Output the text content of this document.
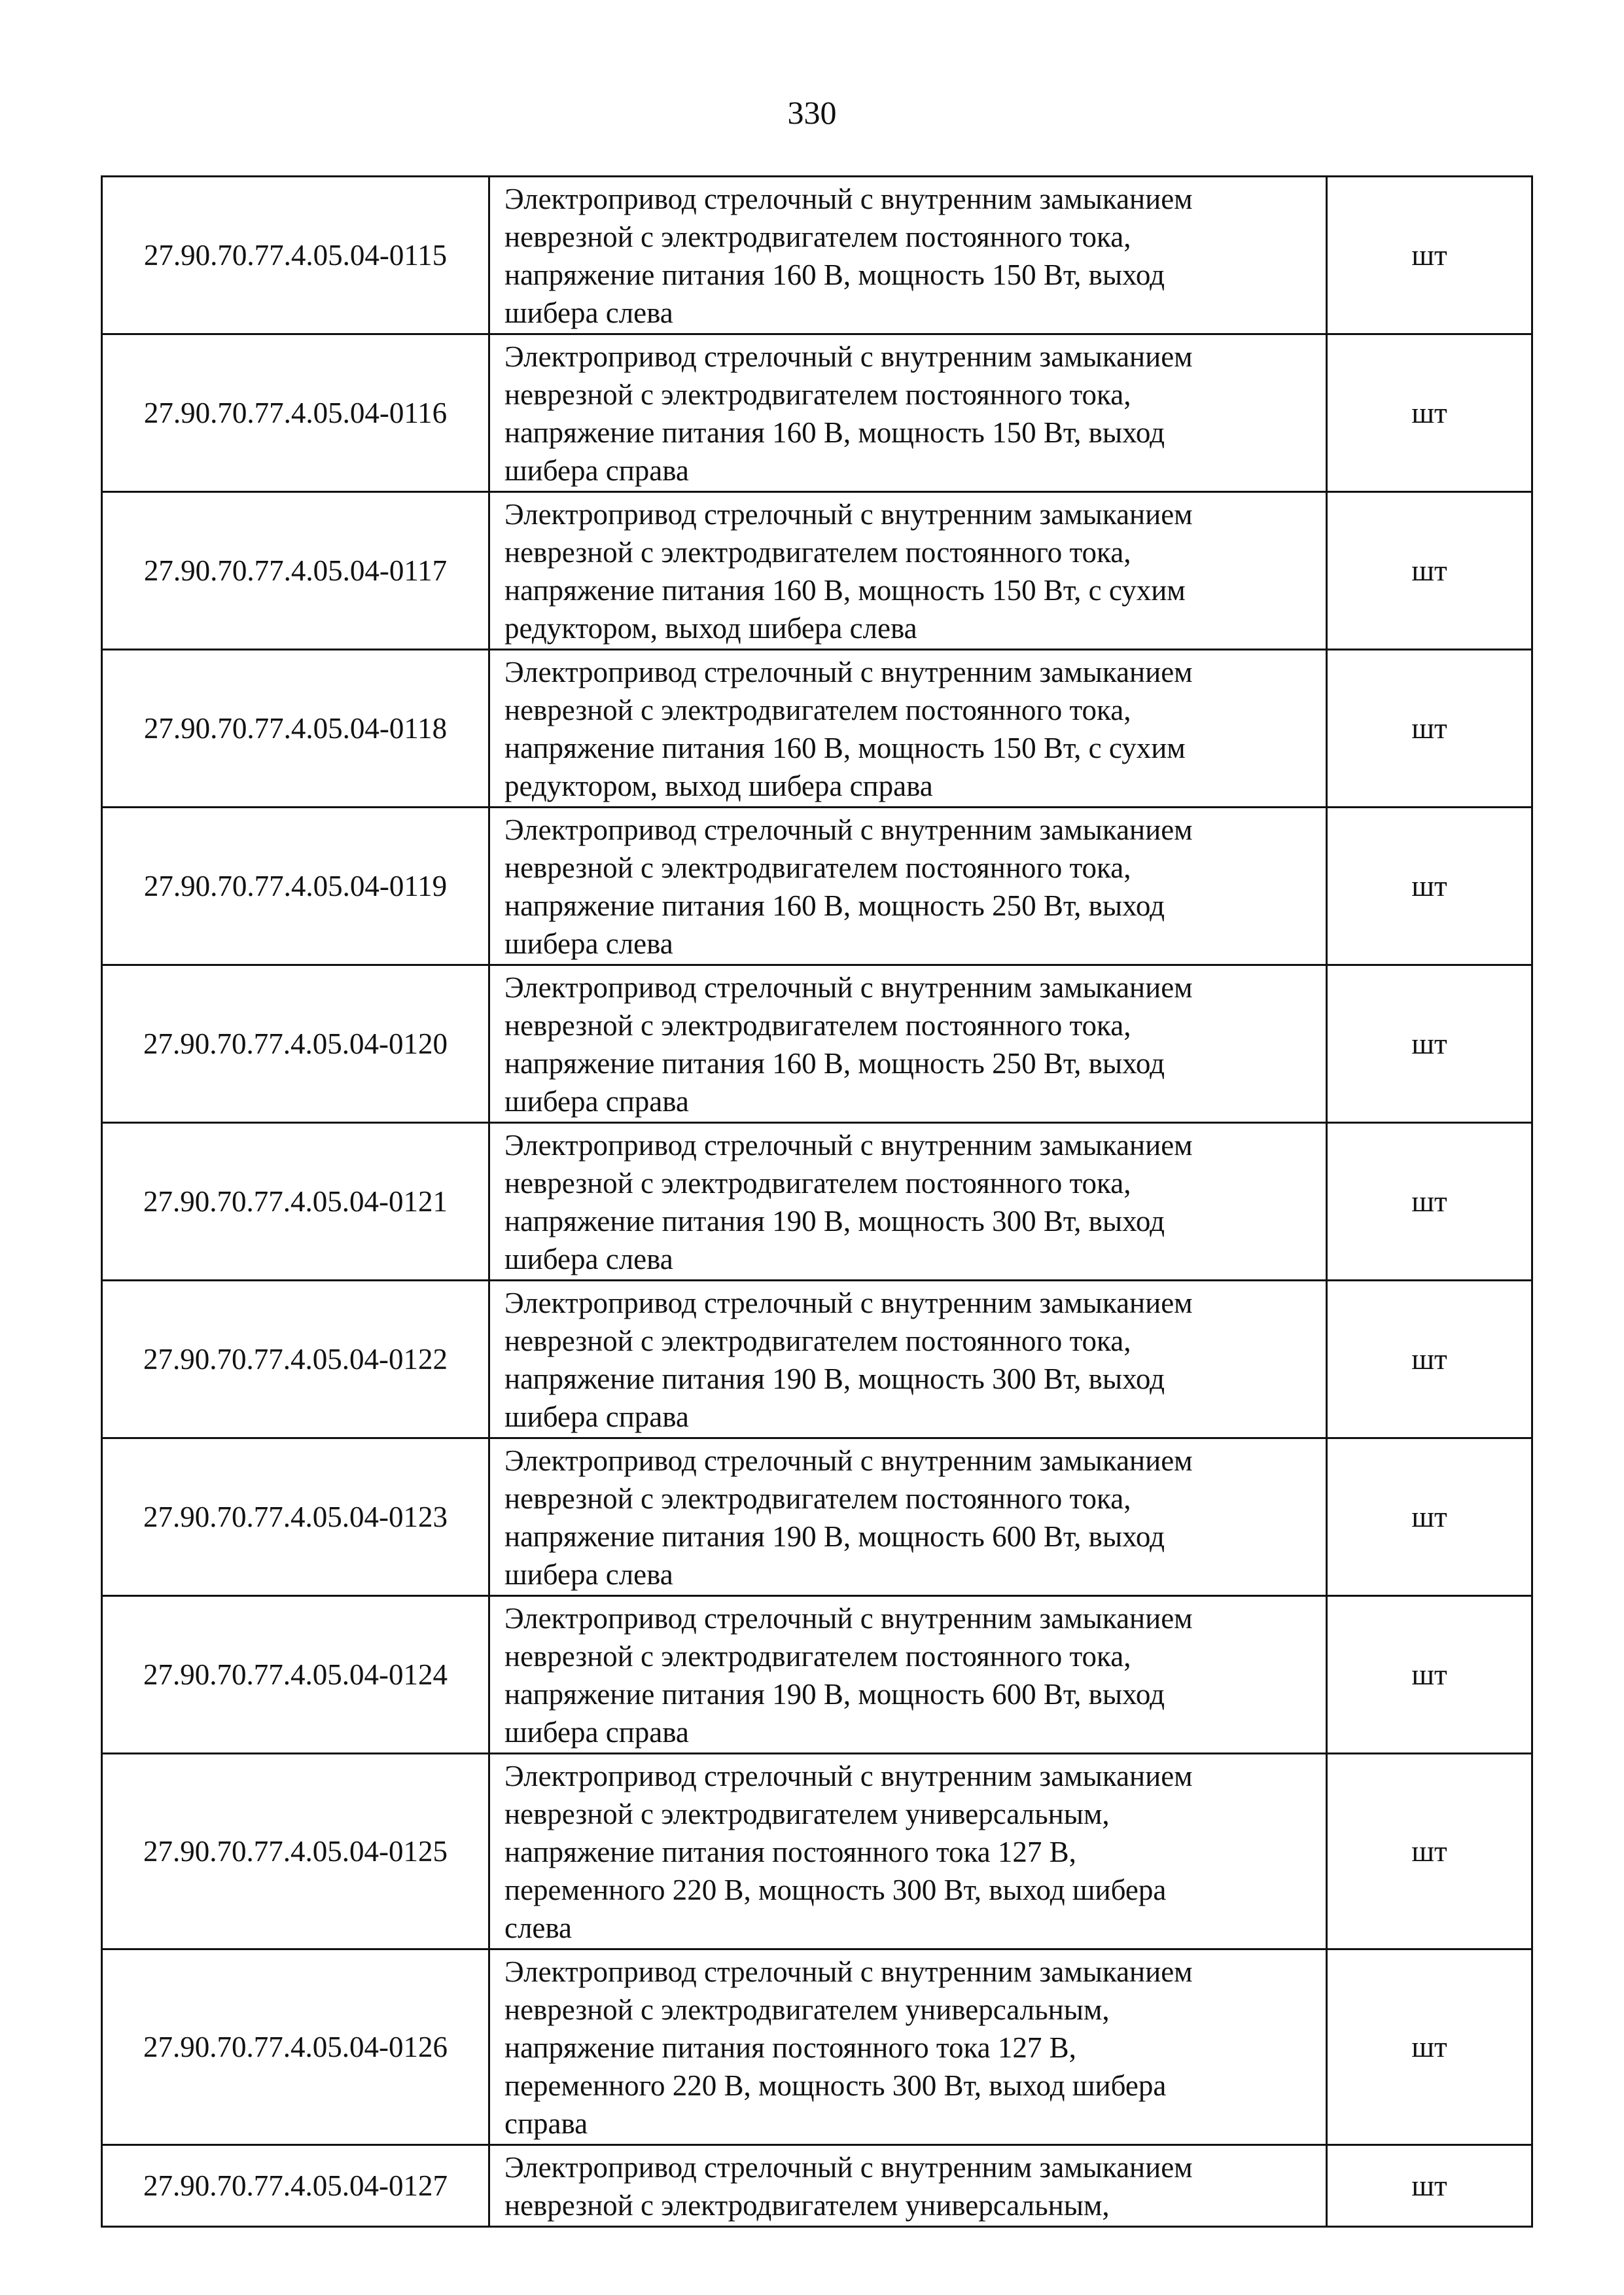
330
27.90.70.77.4.05.04-0115	Электропривод стрелочный с внутренним замыканием
неврезной с электродвигателем постоянного тока,
напряжение питания 160 В, мощность 150 Вт, выход
шибера слева	шт
27.90.70.77.4.05.04-0116	Электропривод стрелочный с внутренним замыканием
неврезной с электродвигателем постоянного тока,
напряжение питания 160 В, мощность 150 Вт, выход
шибера справа	шт
27.90.70.77.4.05.04-0117	Электропривод стрелочный с внутренним замыканием
неврезной с электродвигателем постоянного тока,
напряжение питания 160 В, мощность 150 Вт, с сухим
редуктором, выход шибера слева	шт
27.90.70.77.4.05.04-0118	Электропривод стрелочный с внутренним замыканием
неврезной с электродвигателем постоянного тока,
напряжение питания 160 В, мощность 150 Вт, с сухим
редуктором, выход шибера справа	шт
27.90.70.77.4.05.04-0119	Электропривод стрелочный с внутренним замыканием
неврезной с электродвигателем постоянного тока,
напряжение питания 160 В, мощность 250 Вт, выход
шибера слева	шт
27.90.70.77.4.05.04-0120	Электропривод стрелочный с внутренним замыканием
неврезной с электродвигателем постоянного тока,
напряжение питания 160 В, мощность 250 Вт, выход
шибера справа	шт
27.90.70.77.4.05.04-0121	Электропривод стрелочный с внутренним замыканием
неврезной с электродвигателем постоянного тока,
напряжение питания 190 В, мощность 300 Вт, выход
шибера слева	шт
27.90.70.77.4.05.04-0122	Электропривод стрелочный с внутренним замыканием
неврезной с электродвигателем постоянного тока,
напряжение питания 190 В, мощность 300 Вт, выход
шибера справа	шт
27.90.70.77.4.05.04-0123	Электропривод стрелочный с внутренним замыканием
неврезной с электродвигателем постоянного тока,
напряжение питания 190 В, мощность 600 Вт, выход
шибера слева	шт
27.90.70.77.4.05.04-0124	Электропривод стрелочный с внутренним замыканием
неврезной с электродвигателем постоянного тока,
напряжение питания 190 В, мощность 600 Вт, выход
шибера справа	шт
27.90.70.77.4.05.04-0125	Электропривод стрелочный с внутренним замыканием
неврезной с электродвигателем универсальным,
напряжение питания постоянного тока 127 В,
переменного 220 В, мощность 300 Вт, выход шибера
слева	шт
27.90.70.77.4.05.04-0126	Электропривод стрелочный с внутренним замыканием
неврезной с электродвигателем универсальным,
напряжение питания постоянного тока 127 В,
переменного 220 В, мощность 300 Вт, выход шибера
справа	шт
27.90.70.77.4.05.04-0127	Электропривод стрелочный с внутренним замыканием
неврезной с электродвигателем универсальным,	шт
